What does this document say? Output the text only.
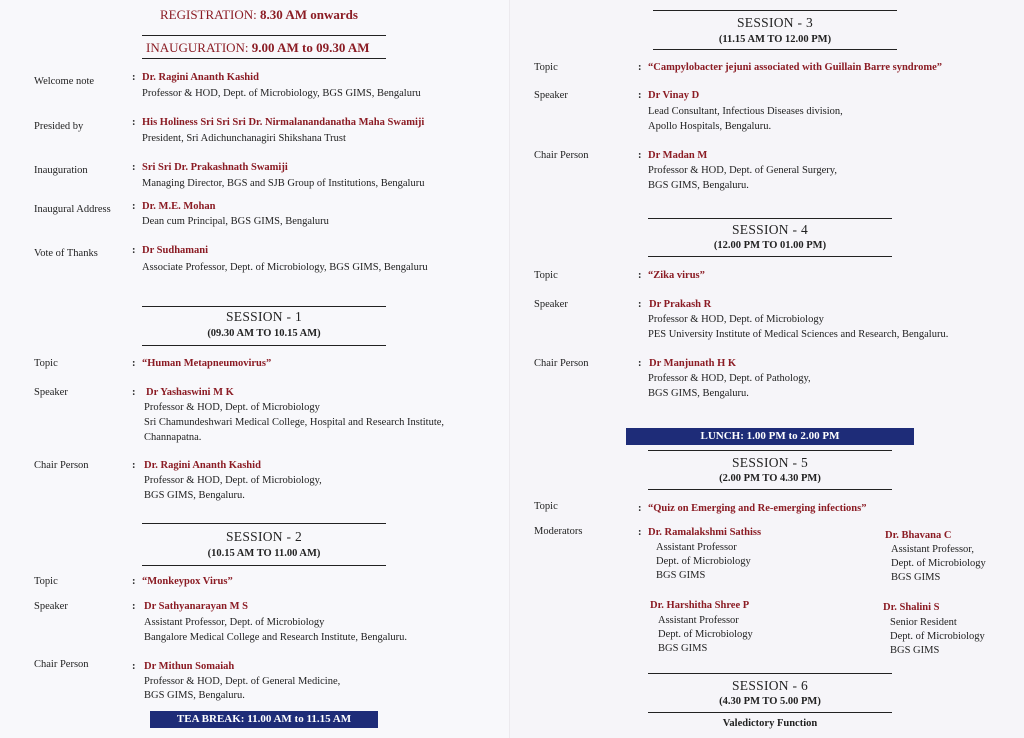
REGISTRATION: 8.30 AM onwards
INAUGURATION: 9.00 AM to 09.30 AM
Welcome note	: Dr. Ragini Ananth Kashid
Professor & HOD, Dept. of Microbiology, BGS GIMS, Bengaluru
Presided by	: His Holiness Sri Sri Sri Dr. Nirmalanandanatha Maha Swamiji
President, Sri Adichunchanagiri Shikshana Trust
Inauguration	: Sri Sri Dr. Prakashnath Swamiji
Managing Director, BGS and SJB Group of Institutions, Bengaluru
Inaugural Address : Dr. M.E. Mohan
Dean cum Principal, BGS GIMS, Bengaluru
Vote of Thanks	: Dr Sudhamani
Associate Professor, Dept. of Microbiology, BGS GIMS, Bengaluru
SESSION - 1
(09.30 AM TO 10.15 AM)
Topic	: “Human Metapneumovirus”
Speaker	: Dr Yashaswini M K
Professor & HOD, Dept. of Microbiology
Sri Chamundeshwari Medical College, Hospital and Research Institute,
Channapatna.
Chair Person	: Dr. Ragini Ananth Kashid
Professor & HOD, Dept. of Microbiology,
BGS GIMS, Bengaluru.
SESSION - 2
(10.15 AM TO 11.00 AM)
Topic	: “Monkeypox Virus”
Speaker	: Dr Sathyanarayan M S
Assistant Professor, Dept. of Microbiology
Bangalore Medical College and Research Institute, Bengaluru.
Chair Person	: Dr Mithun Somaiah
Professor & HOD, Dept. of General Medicine,
BGS GIMS, Bengaluru.
TEA BREAK: 11.00 AM to 11.15 AM
SESSION - 3
(11.15 AM TO 12.00 PM)
Topic	: “Campylobacter jejuni associated with Guillain Barre syndrome”
Speaker	: Dr Vinay D
Lead Consultant, Infectious Diseases division,
Apollo Hospitals, Bengaluru.
Chair Person	: Dr Madan M
Professor & HOD, Dept. of General Surgery,
BGS GIMS, Bengaluru.
SESSION - 4
(12.00 PM TO 01.00 PM)
Topic	: “Zika virus”
Speaker	: Dr Prakash R
Professor & HOD, Dept. of Microbiology
PES University Institute of Medical Sciences and Research, Bengaluru.
Chair Person	: Dr Manjunath H K
Professor & HOD, Dept. of Pathology,
BGS GIMS, Bengaluru.
LUNCH: 1.00 PM to 2.00 PM
SESSION - 5
(2.00 PM TO 4.30 PM)
Topic	: “Quiz on Emerging and Re-emerging infections”
Moderators	: Dr. Ramalakshmi Sathiss
Assistant Professor
Dept. of Microbiology
BGS GIMS
Dr. Bhavana C
Assistant Professor,
Dept. of Microbiology
BGS GIMS
Dr. Harshitha Shree P
Assistant Professor
Dept. of Microbiology
BGS GIMS
Dr. Shalini S
Senior Resident
Dept. of Microbiology
BGS GIMS
SESSION - 6
(4.30 PM TO 5.00 PM)
Valedictory Function
